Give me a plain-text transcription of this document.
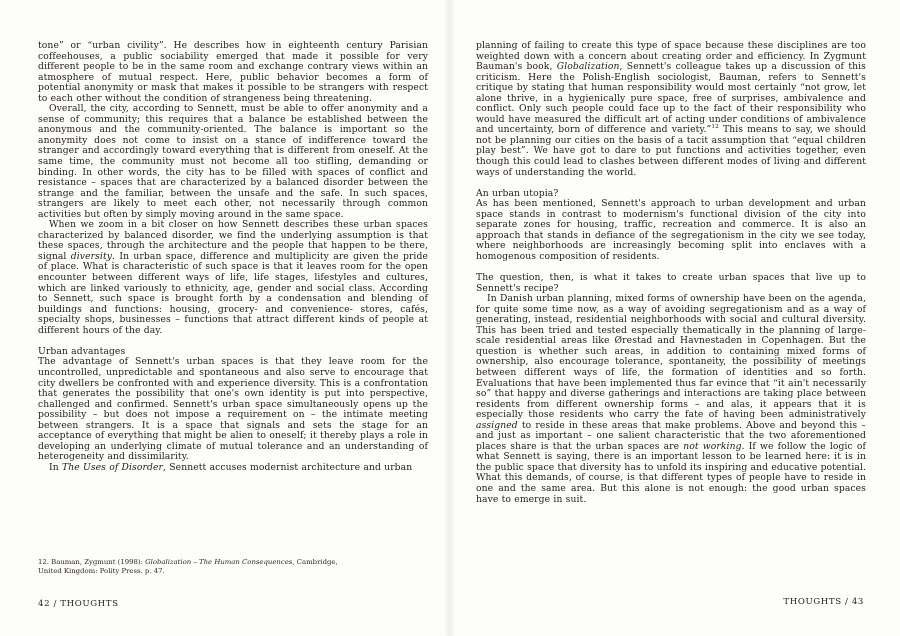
tone” or “urban civility”. He describes how in eighteenth century Parisian coffeehouses, a public sociability emerged that made it possible for very different people to be in the same room and exchange contrary views within an atmosphere of mutual respect. Here, public behavior becomes a form of potential anonymity or mask that makes it possible to be strangers with respect to each other without the condition of strangeness being threatening.

Overall, the city, according to Sennett, must be able to offer anonymity and a sense of community; this requires that a balance be established between the anonymous and the community-oriented. The balance is important so the anonymity does not come to insist on a stance of indifference toward the stranger and accordingly toward everything that is different from oneself. At the same time, the community must not become all too stifling, demanding or binding. In other words, the city has to be filled with spaces of conflict and resistance – spaces that are characterized by a balanced disorder between the strange and the familiar, between the unsafe and the safe. In such spaces, strangers are likely to meet each other, not necessarily through common activities but often by simply moving around in the same space.

When we zoom in a bit closer on how Sennett describes these urban spaces characterized by balanced disorder, we find the underlying assumption is that these spaces, through the architecture and the people that happen to be there, signal diversity. In urban space, difference and multiplicity are given the pride of place. What is characteristic of such space is that it leaves room for the open encounter between different ways of life, life stages, lifestyles and cultures, which are linked variously to ethnicity, age, gender and social class. According to Sennett, such space is brought forth by a condensation and blending of buildings and functions: housing, grocery- and convenience- stores, cafés, specialty shops, businesses – functions that attract different kinds of people at different hours of the day.

Urban advantages

The advantage of Sennett's urban spaces is that they leave room for the uncontrolled, unpredictable and spontaneous and also serve to encourage that city dwellers be confronted with and experience diversity. This is a confrontation that generates the possibility that one's own identity is put into perspective, challenged and confirmed. Sennett's urban space simultaneously opens up the possibility – but does not impose a requirement on – the intimate meeting between strangers. It is a space that signals and sets the stage for an acceptance of everything that might be alien to oneself; it thereby plays a role in developing an underlying climate of mutual tolerance and an understanding of heterogeneity and dissimilarity.

In The Uses of Disorder, Sennett accuses modernist architecture and urban

12. Bauman, Zygmunt (1998): Globalization – The Human Consequences, Cambridge, United Kingdom: Polity Press. p. 47.
42 / THOUGHTS

planning of failing to create this type of space because these disciplines are too weighted down with a concern about creating order and efficiency. In Zygmunt Bauman's book, Globalization, Sennett's colleague takes up a discussion of this criticism. Here the Polish-English sociologist, Bauman, refers to Sennett's critique by stating that human responsibility would most certainly “not grow, let alone thrive, in a hygienically pure space, free of surprises, ambivalence and conflict. Only such people could face up to the fact of their responsibility who would have measured the difficult art of acting under conditions of ambivalence and uncertainty, born of difference and variety.”$^{12}$ This means to say, we should not be planning our cities on the basis of a tacit assumption that “equal children play best”. We have got to dare to put functions and activities together, even though this could lead to clashes between different modes of living and different ways of understanding the world.

An urban utopia?

As has been mentioned, Sennett's approach to urban development and urban space stands in contrast to modernism's functional division of the city into separate zones for housing, traffic, recreation and commerce. It is also an approach that stands in defiance of the segregationism in the city we see today, where neighborhoods are increasingly becoming split into enclaves with a homogenous composition of residents.

The question, then, is what it takes to create urban spaces that live up to Sennett's recipe?

In Danish urban planning, mixed forms of ownership have been on the agenda, for quite some time now, as a way of avoiding segregationism and as a way of generating, instead, residential neighborhoods with social and cultural diversity. This has been tried and tested especially thematically in the planning of large-scale residential areas like Ørestad and Havnestaden in Copenhagen. But the question is whether such areas, in addition to containing mixed forms of ownership, also encourage tolerance, spontaneity, the possibility of meetings between different ways of life, the formation of identities and so forth. Evaluations that have been implemented thus far evince that “it ain't necessarily so” that happy and diverse gatherings and interactions are taking place between residents from different ownership forms – and alas, it appears that it is especially those residents who carry the fate of having been administratively assigned to reside in these areas that make problems. Above and beyond this – and just as important – one salient characteristic that the two aforementioned places share is that the urban spaces are not working. If we follow the logic of what Sennett is saying, there is an important lesson to be learned here: it is in the public space that diversity has to unfold its inspiring and educative potential. What this demands, of course, is that different types of people have to reside in one and the same area. But this alone is not enough: the good urban spaces have to emerge in suit.

THOUGHTS / 43
